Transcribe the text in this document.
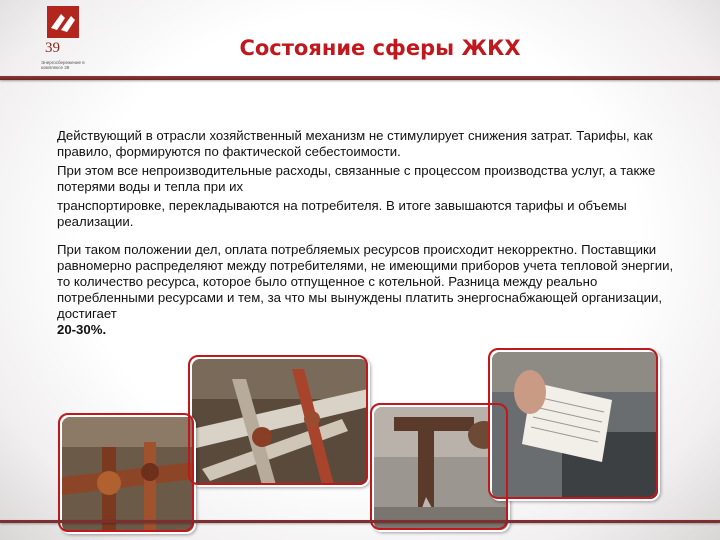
39
Энергосбережение в комплексе 39
Состояние сферы ЖКХ

Действующий в отрасли хозяйственный механизм не стимулирует снижения затрат. Тарифы, как правило, формируются по фактической себестоимости.

При этом все непроизводительные расходы, связанные с процессом производства услуг, а также потерями воды и тепла при их

транспортировке, перекладываются на потребителя. В итоге завышаются тарифы и объемы реализации.

При таком положении дел, оплата потребляемых ресурсов происходит некорректно. Поставщики равномерно распределяют между потребителями, не имеющими приборов учета тепловой энергии, то количество ресурса, которое было отпущенное с котельной. Разница между реально потребленными ресурсами и тем, за что мы вынуждены платить энергоснабжающей организации, достигает
20-30%.
